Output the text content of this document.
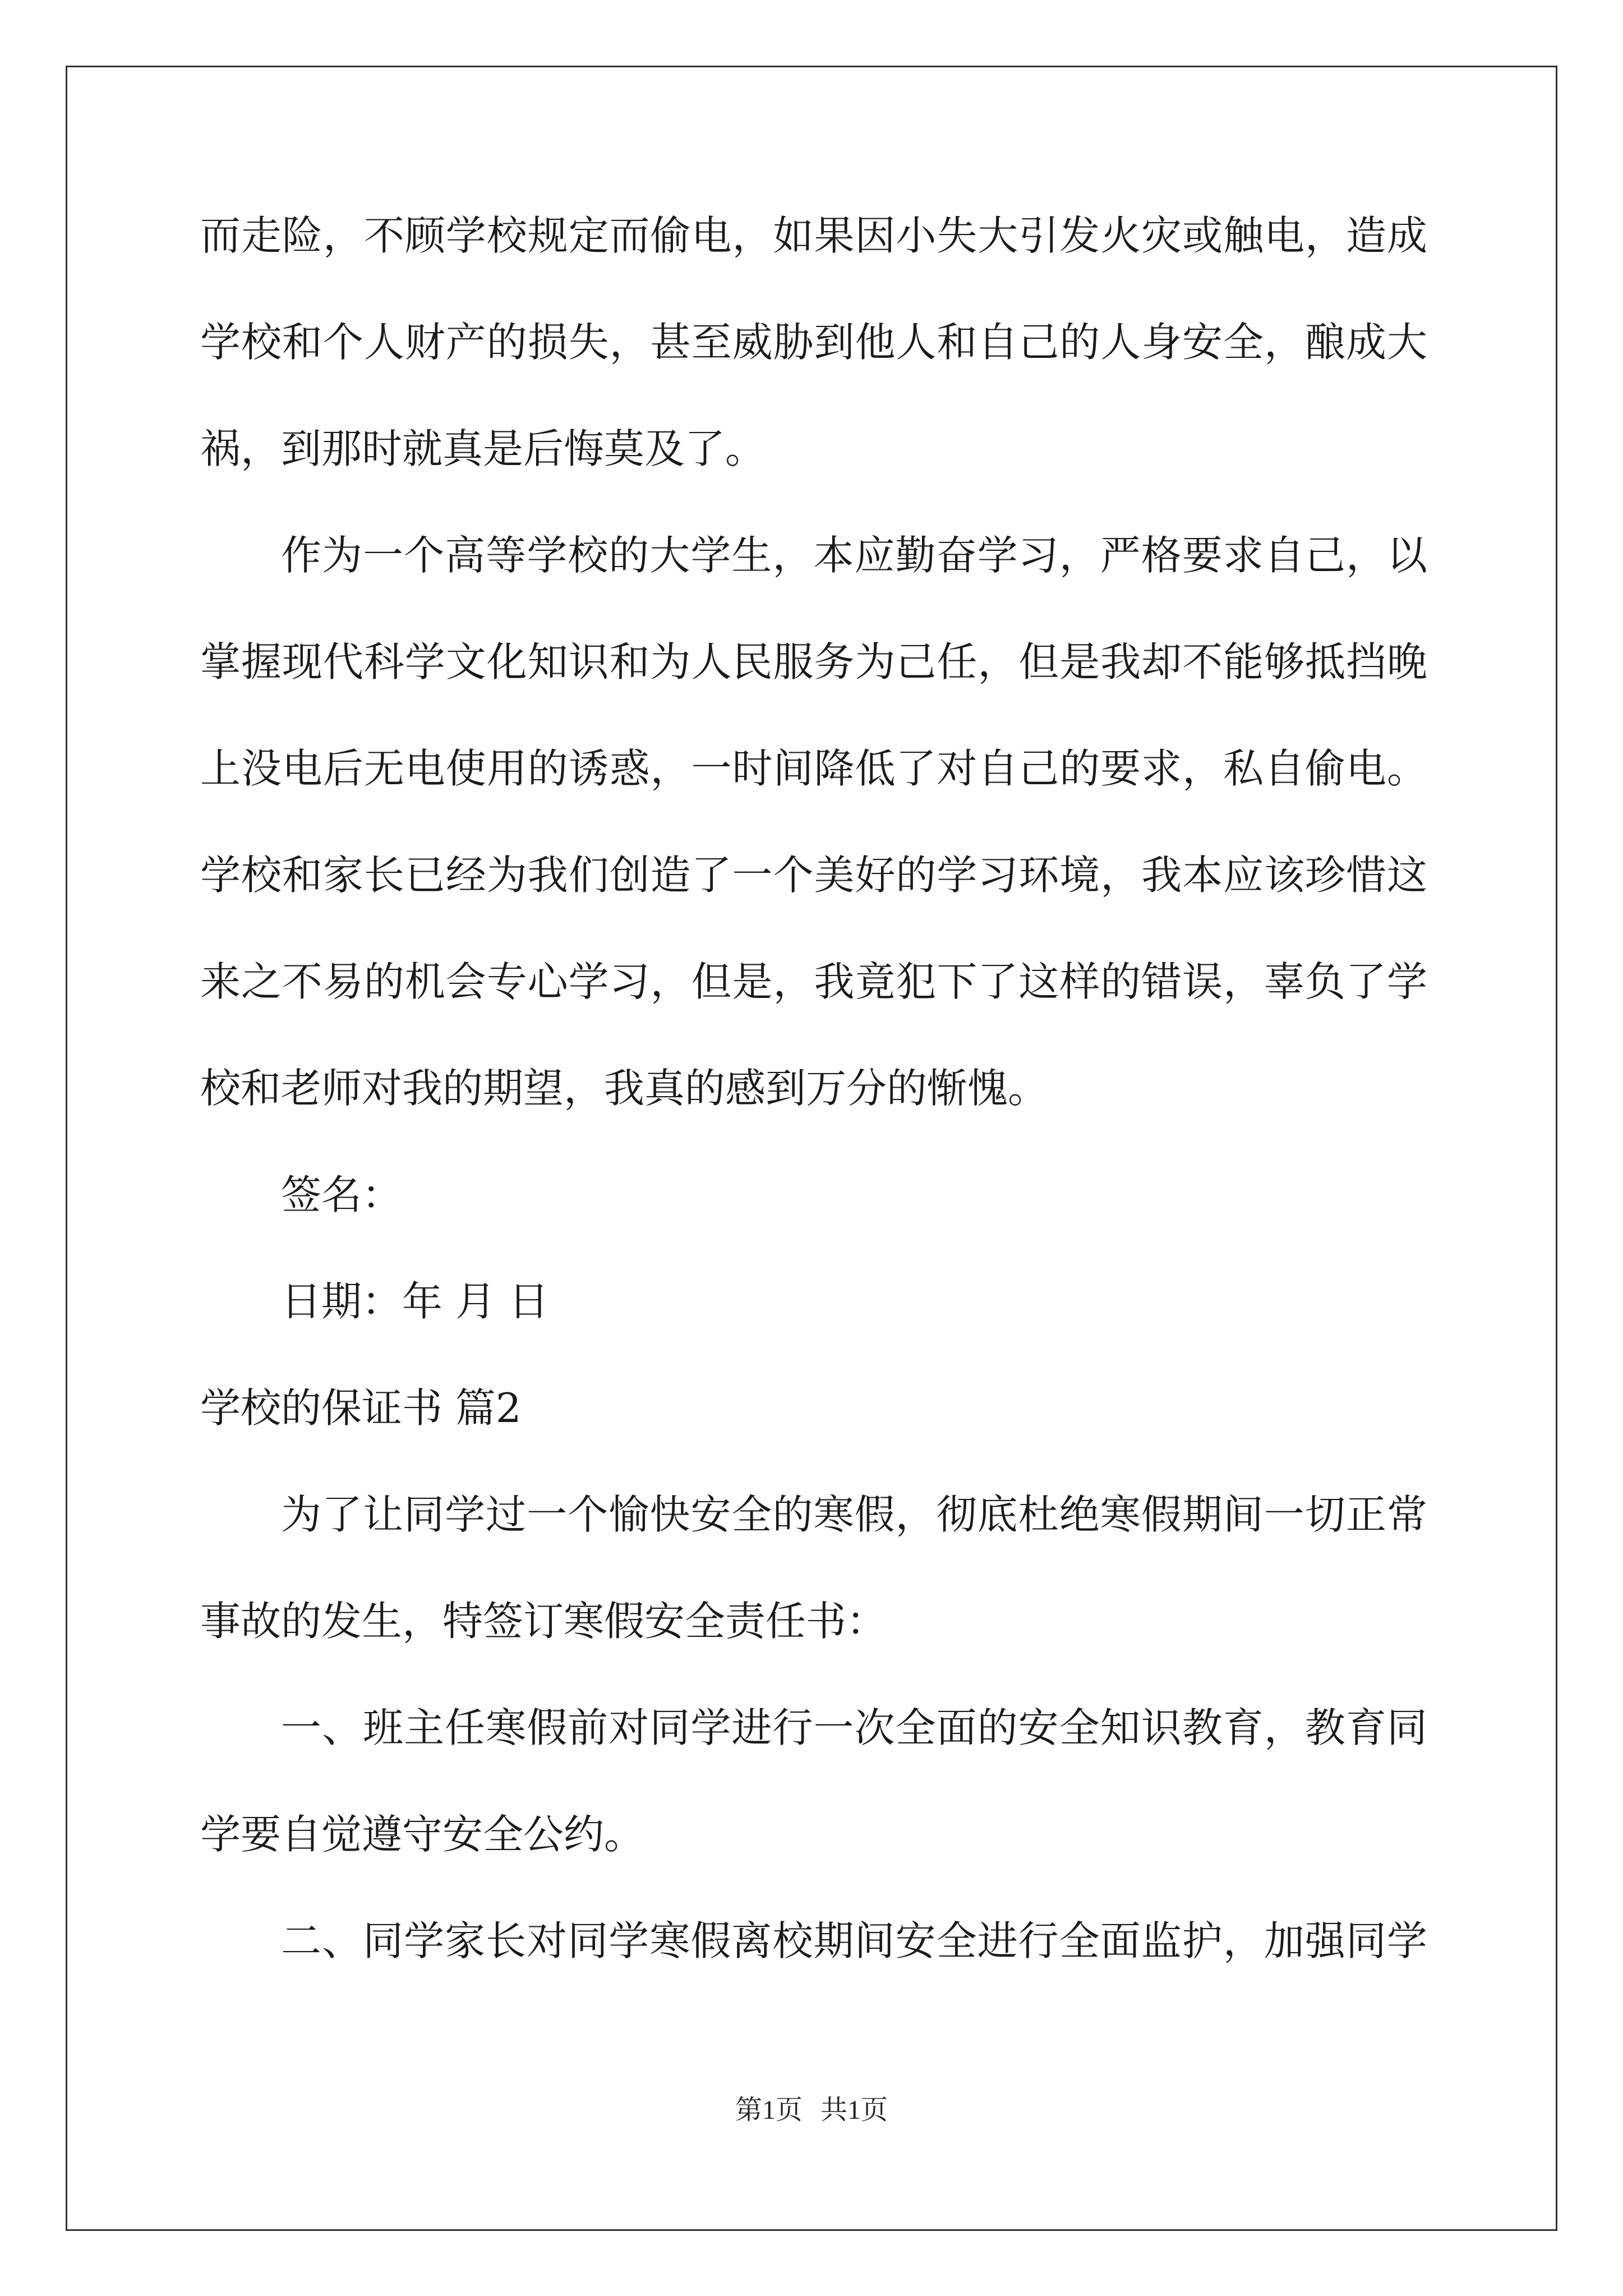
而走险，不顾学校规定而偷电，如果因小失大引发火灾或触电，造成
学校和个人财产的损失，甚至威胁到他人和自己的人身安全，酿成大
祸，到那时就真是后悔莫及了。
作为一个高等学校的大学生，本应勤奋学习，严格要求自己，以
掌握现代科学文化知识和为人民服务为己任，但是我却不能够抵挡晚
上没电后无电使用的诱惑，一时间降低了对自己的要求，私自偷电。
学校和家长已经为我们创造了一个美好的学习环境，我本应该珍惜这
来之不易的机会专心学习，但是，我竟犯下了这样的错误，辜负了学
校和老师对我的期望，我真的感到万分的惭愧。
签名：
日期：年 月 日
学校的保证书 篇2
为了让同学过一个愉快安全的寒假，彻底杜绝寒假期间一切正常
事故的发生，特签订寒假安全责任书：
一、班主任寒假前对同学进行一次全面的安全知识教育，教育同
学要自觉遵守安全公约。
二、同学家长对同学寒假离校期间安全进行全面监护，加强同学
第1页 共1页
